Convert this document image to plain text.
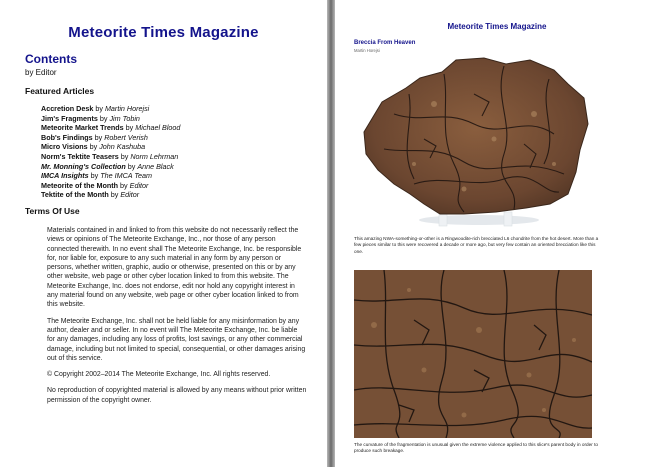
Meteorite Times Magazine
Contents
by Editor
Featured Articles
Accretion Desk by Martin Horejsi
Jim's Fragments by Jim Tobin
Meteorite Market Trends by Michael Blood
Bob's Findings by Robert Verish
Micro Visions by John Kashuba
Norm's Tektite Teasers by Norm Lehrman
Mr. Monning's Collection by Anne Black
IMCA Insights by The IMCA Team
Meteorite of the Month by Editor
Tektite of the Month by Editor
Terms Of Use

Materials contained in and linked to from this website do not necessarily reflect the views or opinions of The Meteorite Exchange, Inc., nor those of any person connected therewith. In no event shall The Meteorite Exchange, Inc. be responsible for, nor liable for, exposure to any such material in any form by any person or persons, whether written, graphic, audio or otherwise, presented on this or by any other website, web page or other cyber location linked to from this website. The Meteorite Exchange, Inc. does not endorse, edit nor hold any copyright interest in any material found on any website, web page or other cyber location linked to from this website.

The Meteorite Exchange, Inc. shall not be held liable for any misinformation by any author, dealer and or seller. In no event will The Meteorite Exchange, Inc. be liable for any damages, including any loss of profits, lost savings, or any other commercial damage, including but not limited to special, consequential, or other damages arising out of this service.

© Copyright 2002–2014 The Meteorite Exchange, Inc. All rights reserved.

No reproduction of copyrighted material is allowed by any means without prior written permission of the copyright owner.

Meteorite Times Magazine
Breccia From Heaven
Martin Horejsi
This amazing NWA-something-or-other is a Ringwoodite-rich brecciated L6 chondrite from the hot desert. More than a few pieces similar to this were recovered a decade or more ago, but very few contain an oriented brecciation like this one.
The curvature of the fragmentation is unusual given the extreme violence applied to this slice's parent body in order to produce such breakage.
